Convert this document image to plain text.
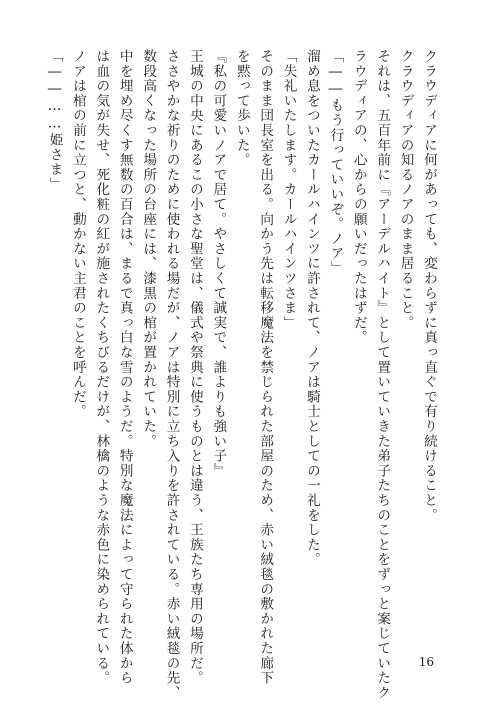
クラウディアに何があっても、変わらずに真っ直ぐで有り続けること。
クラウディアの知るノアのまま居ること。
それは、五百年前に『アーデルハイト』として置いていき​た弟子たちのことをずっと案じていたク
ラウディアの、心からの願いだったはずだ。
「――もう行っていいぞ。ノア」
溜め息をついたカールハインツに許されて、ノアは騎士としての一礼をした。
「失礼いたします。カールハインツさま」
そのまま団長室を出る。向かう先は転移魔法を禁じられた部屋のため、赤い絨毯の敷かれた廊下
を黙って歩いた。
『私の可愛いノアで居て。やさしくて誠実で、誰よりも強い子』
王城の中央にあるこの小さな聖堂は、儀式や祭典に使うものとは違う、王族たち専用の場所だ。
ささやかな祈りのために使われる場だが、ノアは特別に立ち入りを許されている。赤い絨毯の先、
数段高くなった場所の台座には、漆黒の棺が置かれていた。
中を埋め尽くす無数の百合は、まるで真っ白な雪のようだ。特別な魔法によって守られた体から
は血の気が失せ、死化粧の紅が施されたくちびるだけが、林檎のような赤色に染められている。
ノアは棺の前に立つと、動かない主君のことを呼んだ。
「――……姫さま」
16
